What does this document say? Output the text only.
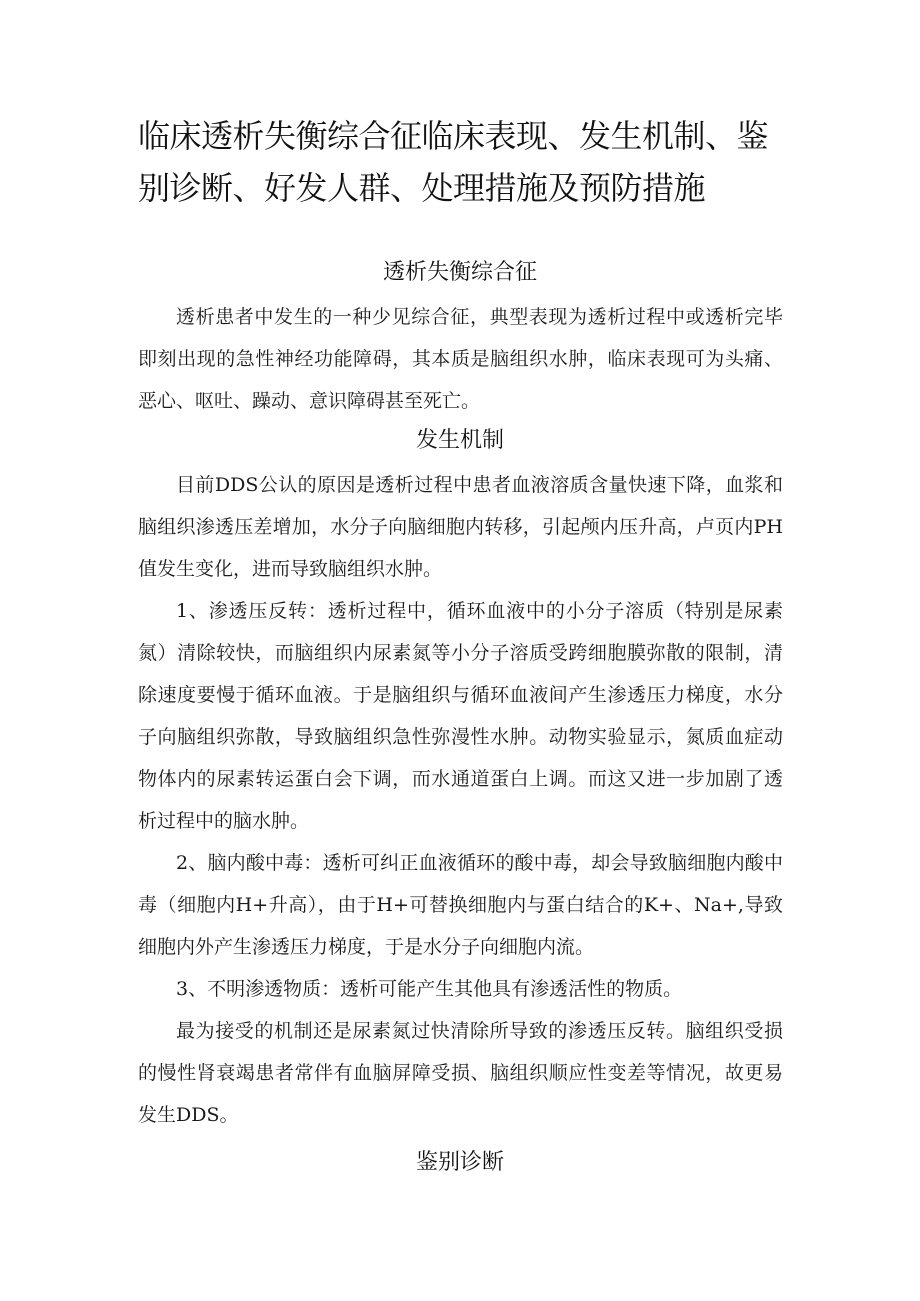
临床透析失衡综合征临床表现、发生机制、鉴别诊断、好发人群、处理措施及预防措施
透析失衡综合征

透析患者中发生的一种少见综合征，典型表现为透析过程中或透析完毕即刻出现的急性神经功能障碍，其本质是脑组织水肿，临床表现可为头痛、恶心、呕吐、躁动、意识障碍甚至死亡。

发生机制

目前DDS公认的原因是透析过程中患者血液溶质含量快速下降，血浆和脑组织渗透压差增加，水分子向脑细胞内转移，引起颅内压升高，卢页内PH值发生变化，进而导致脑组织水肿。

1、渗透压反转：透析过程中，循环血液中的小分子溶质（特别是尿素氮）清除较快，而脑组织内尿素氮等小分子溶质受跨细胞膜弥散的限制，清除速度要慢于循环血液。于是脑组织与循环血液间产生渗透压力梯度，水分子向脑组织弥散，导致脑组织急性弥漫性水肿。动物实验显示，氮质血症动物体内的尿素转运蛋白会下调，而水通道蛋白上调。而这又进一步加剧了透析过程中的脑水肿。

2、脑内酸中毒：透析可纠正血液循环的酸中毒，却会导致脑细胞内酸中毒（细胞内H+升高），由于H+可替换细胞内与蛋白结合的K+、Na+,导致细胞内外产生渗透压力梯度，于是水分子向细胞内流。

3、不明渗透物质：透析可能产生其他具有渗透活性的物质。

最为接受的机制还是尿素氮过快清除所导致的渗透压反转。脑组织受损的慢性肾衰竭患者常伴有血脑屏障受损、脑组织顺应性变差等情况，故更易发生DDS。

鉴别诊断
